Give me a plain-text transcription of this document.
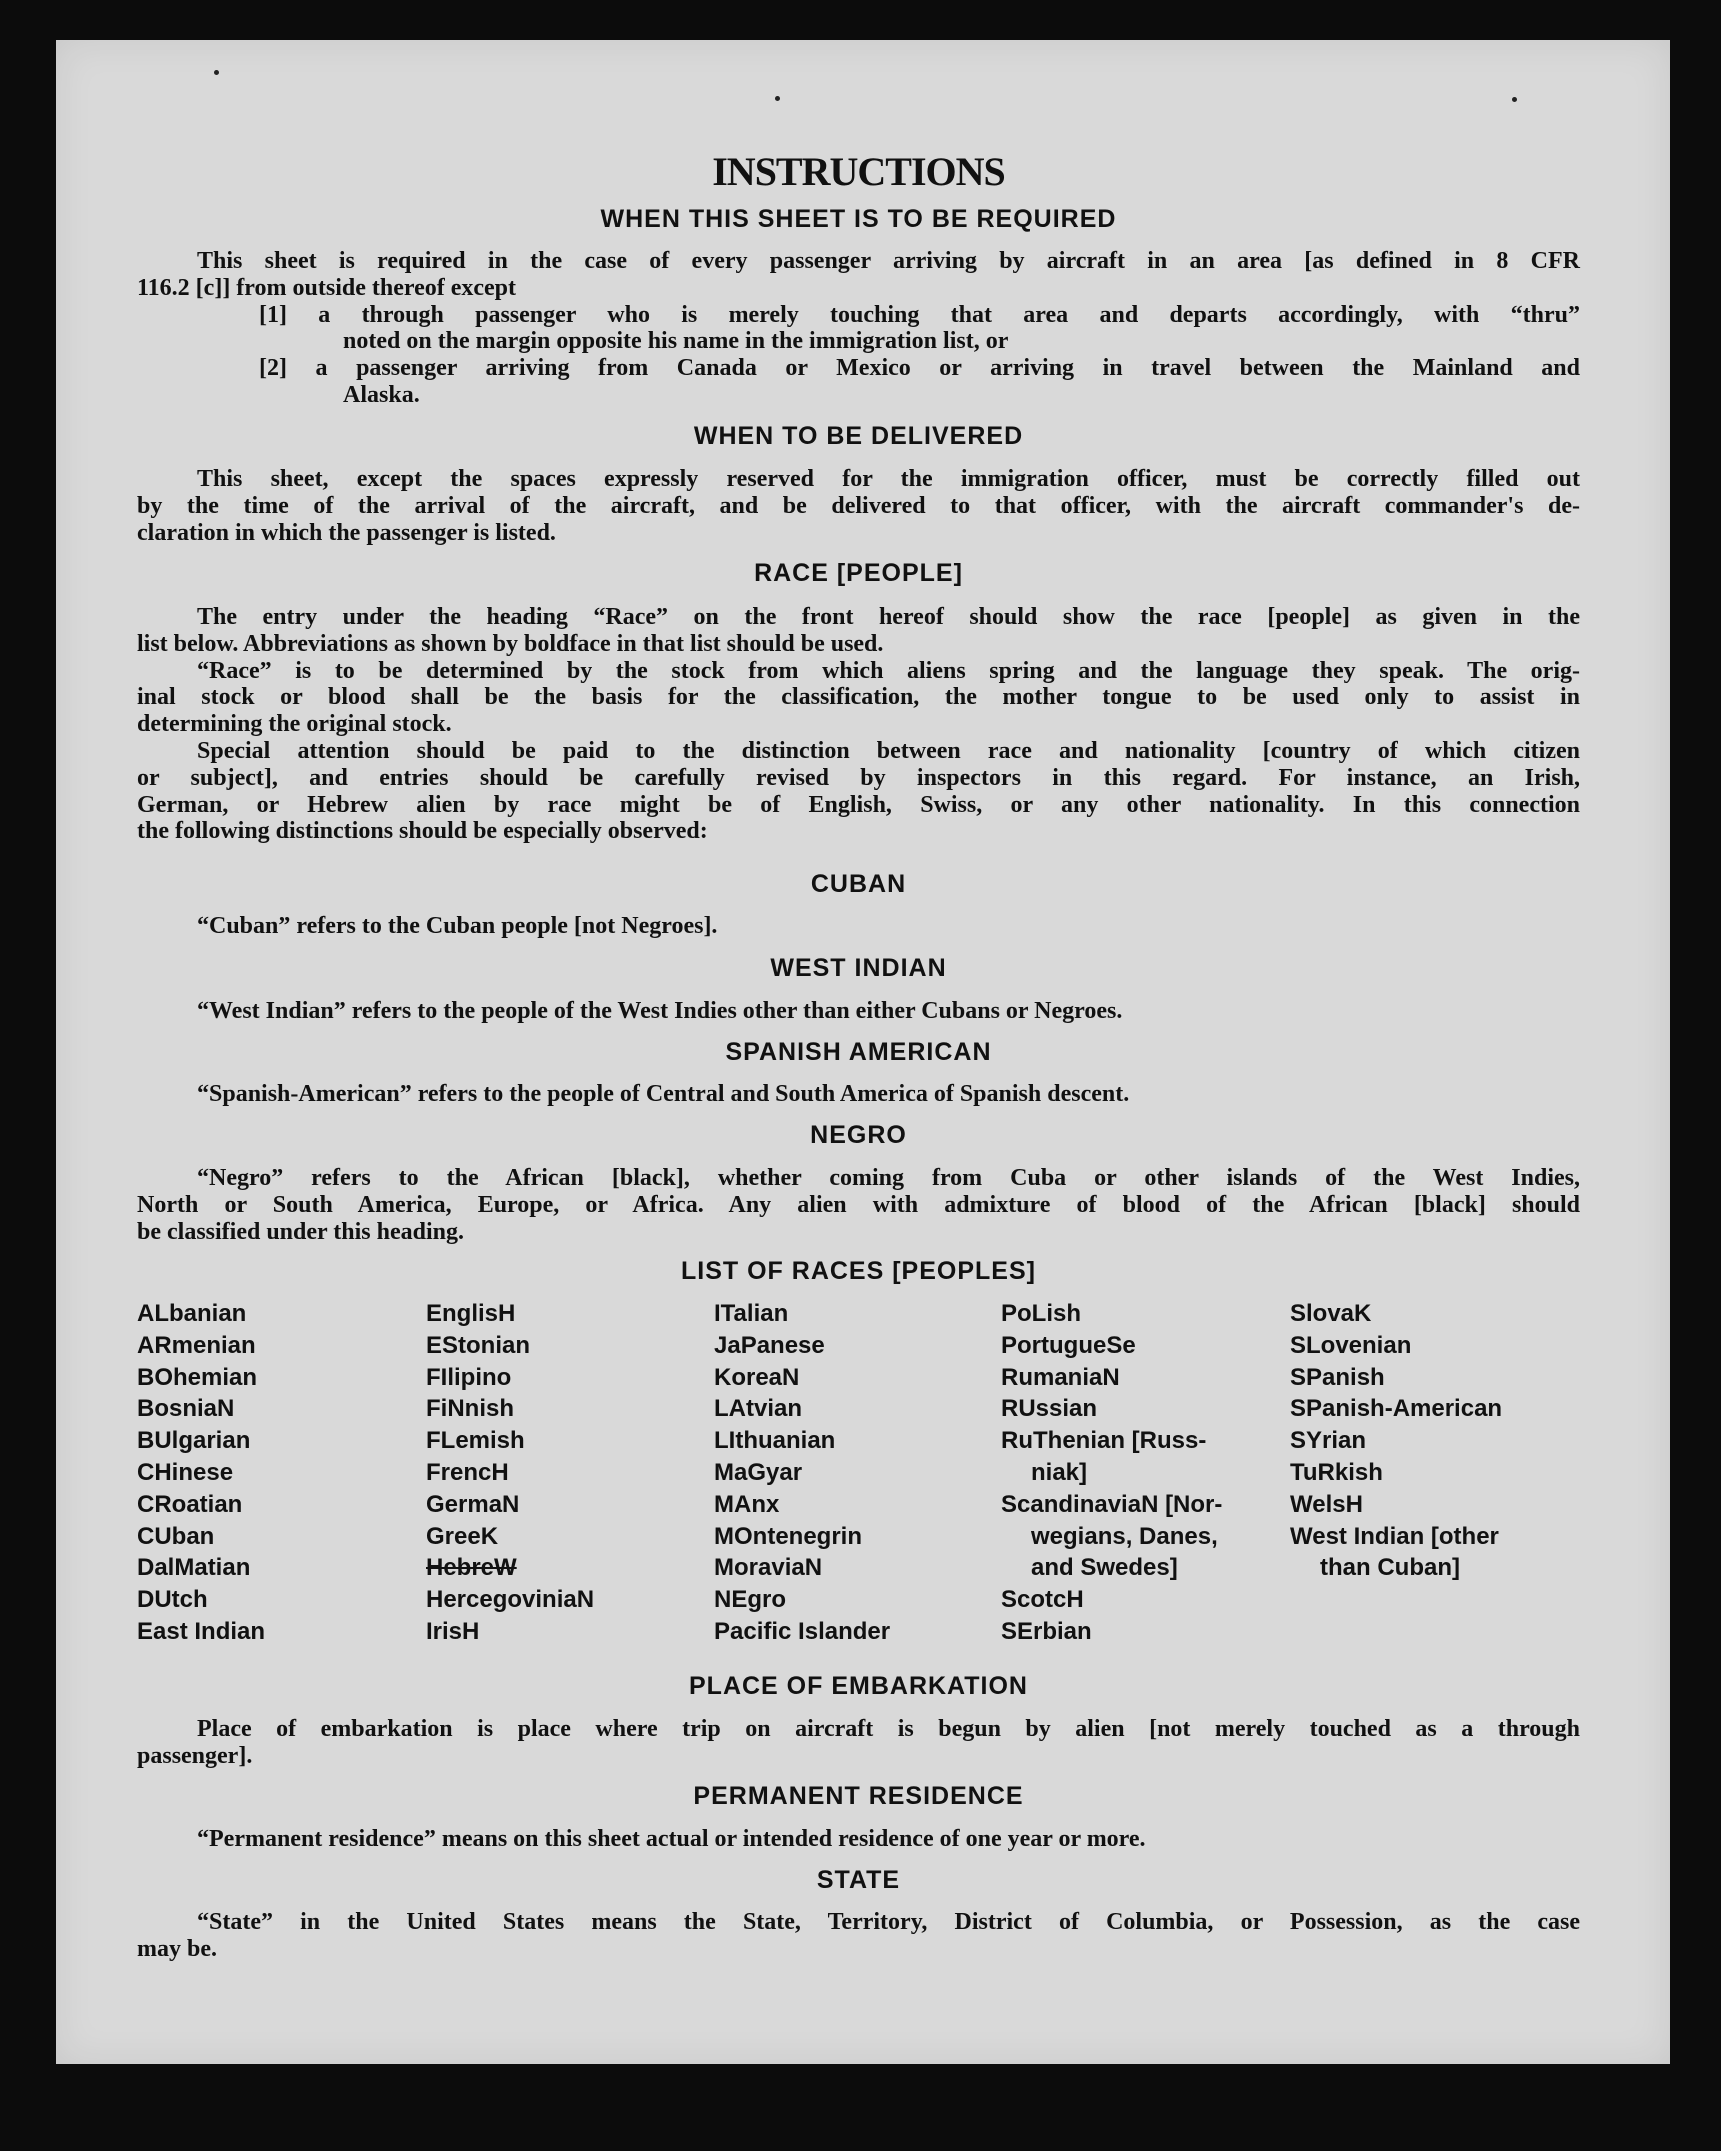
INSTRUCTIONS
WHEN THIS SHEET IS TO BE REQUIRED
This sheet is required in the case of every passenger arriving by aircraft in an area [as defined in 8 CFR
116.2 [c]] from outside thereof except
[1] a through passenger who is merely touching that area and departs accordingly, with “thru”
noted on the margin opposite his name in the immigration list, or
[2] a passenger arriving from Canada or Mexico or arriving in travel between the Mainland and
Alaska.
WHEN TO BE DELIVERED
This sheet, except the spaces expressly reserved for the immigration officer, must be correctly filled out
by the time of the arrival of the aircraft, and be delivered to that officer, with the aircraft commander's de-
claration in which the passenger is listed.
RACE [PEOPLE]
The entry under the heading “Race” on the front hereof should show the race [people] as given in the
list below. Abbreviations as shown by boldface in that list should be used.
“Race” is to be determined by the stock from which aliens spring and the language they speak. The orig-
inal stock or blood shall be the basis for the classification, the mother tongue to be used only to assist in
determining the original stock.
Special attention should be paid to the distinction between race and nationality [country of which citizen
or subject], and entries should be carefully revised by inspectors in this regard. For instance, an Irish,
German, or Hebrew alien by race might be of English, Swiss, or any other nationality. In this connection
the following distinctions should be especially observed:
CUBAN
“Cuban” refers to the Cuban people [not Negroes].
WEST INDIAN
“West Indian” refers to the people of the West Indies other than either Cubans or Negroes.
SPANISH AMERICAN
“Spanish-American” refers to the people of Central and South America of Spanish descent.
NEGRO
“Negro” refers to the African [black], whether coming from Cuba or other islands of the West Indies,
North or South America, Europe, or Africa. Any alien with admixture of blood of the African [black] should
be classified under this heading.
LIST OF RACES [PEOPLES]
ALbanian
ARmenian
BOhemian
BosniaN
BUlgarian
CHinese
CRoatian
CUban
DalMatian
DUtch
East Indian
EnglisH
EStonian
FIlipino
FiNnish
FLemish
FrencH
GermaN
GreeK
HebreW
HercegoviniaN
IrisH
ITalian
JaPanese
KoreaN
LAtvian
LIthuanian
MaGyar
MAnx
MOntenegrin
MoraviaN
NEgro
Pacific Islander
PoLish
PortugueSe
RumaniaN
RUssian
RuThenian [Russ-
niak]
ScandinaviaN [Nor-
wegians, Danes,
and Swedes]
ScotcH
SErbian
SlovaK
SLovenian
SPanish
SPanish-American
SYrian
TuRkish
WelsH
West Indian [other
than Cuban]
PLACE OF EMBARKATION
Place of embarkation is place where trip on aircraft is begun by alien [not merely touched as a through
passenger].
PERMANENT RESIDENCE
“Permanent residence” means on this sheet actual or intended residence of one year or more.
STATE
“State” in the United States means the State, Territory, District of Columbia, or Possession, as the case
may be.
